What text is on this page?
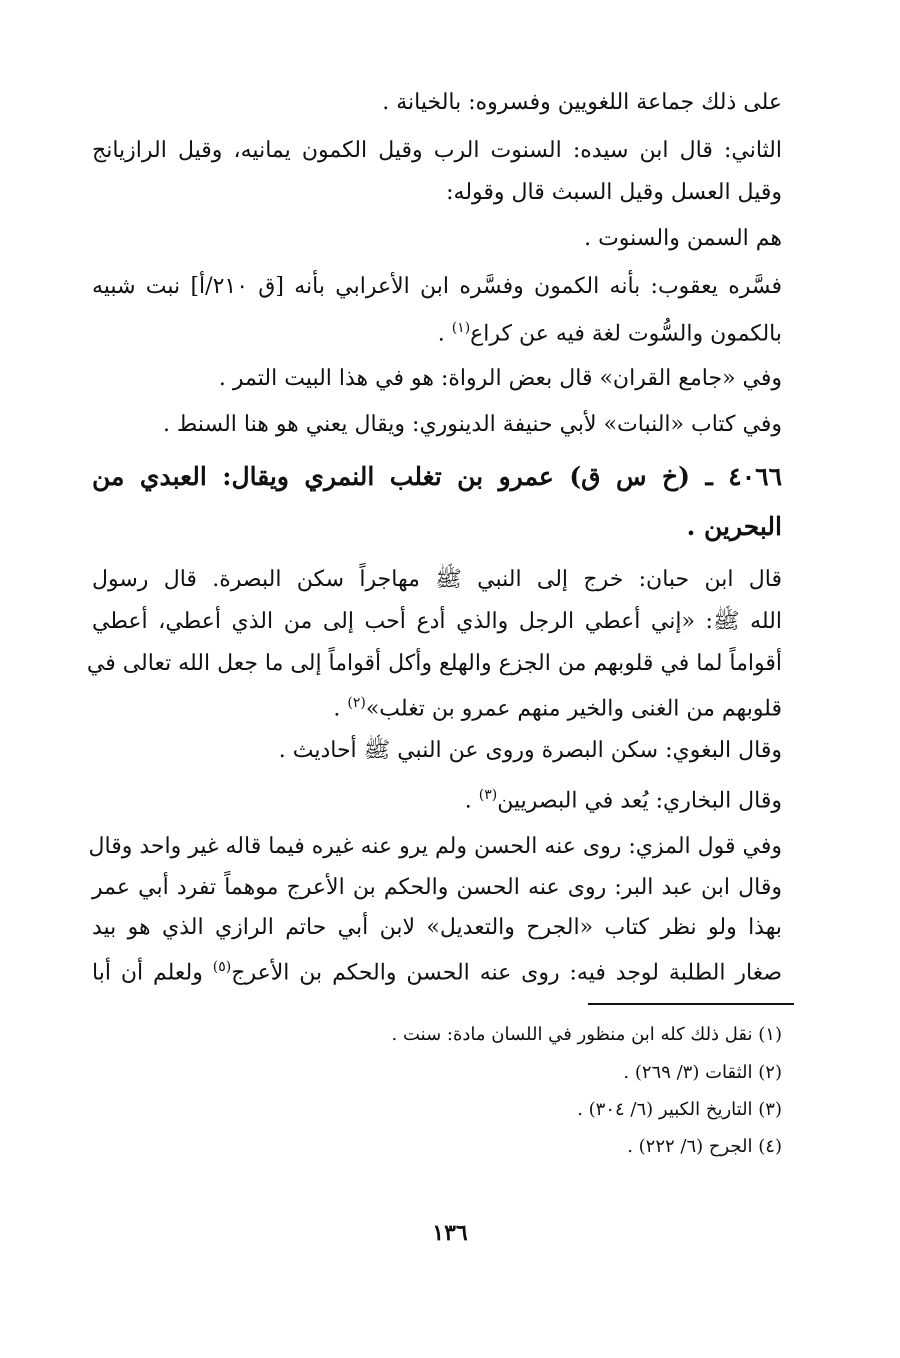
على ذلك جماعة اللغويين وفسروه: بالخيانة .
الثاني: قال ابن سيده: السنوت الرب وقيل الكمون يمانيه، وقيل الرازيانج
وقيل العسل وقيل السبث قال وقوله:
هم السمن والسنوت .
فسَّره يعقوب: بأنه الكمون وفسَّره ابن الأعرابي بأنه [ق ٢١٠/أ] نبت شبيه
بالكمون والسُّوت لغة فيه عن كراع$^{(١)}$ .
وفي «جامع القران» قال بعض الرواة: هو في هذا البيت التمر .
وفي كتاب «النبات» لأبي حنيفة الدينوري: ويقال يعني هو هنا السنط .
٤٠٦٦ ـ (خ س ق) عمرو بن تغلب النمري ويقال: العبدي من
البحرين .
قال ابن حبان: خرج إلى النبي ﷺ مهاجراً سكن البصرة. قال رسول
الله ﷺ: «إني أعطي الرجل والذي أدع أحب إلى من الذي أعطي، أعطي
أقواماً لما في قلوبهم من الجزع والهلع وأكل أقواماً إلى ما جعل الله تعالى في
قلوبهم من الغنى والخير منهم عمرو بن تغلب»$^{(٢)}$ .
وقال البغوي: سكن البصرة وروى عن النبي ﷺ أحاديث .
وقال البخاري: يُعد في البصريين$^{(٣)}$ .
وفي قول المزي: روى عنه الحسن ولم يرو عنه غيره فيما قاله غير واحد وقال
وقال ابن عبد البر: روى عنه الحسن والحكم بن الأعرج موهماً تفرد أبي عمر
بهذا ولو نظر كتاب «الجرح والتعديل» لابن أبي حاتم الرازي الذي هو بيد
صغار الطلبة لوجد فيه: روى عنه الحسن والحكم بن الأعرج$^{(٥)}$ ولعلم أن أبا
(١) نقل ذلك كله ابن منظور في اللسان مادة: سنت .
(٢) الثقات (٣/ ٢٦٩) .
(٣) التاريخ الكبير (٦/ ٣٠٤) .
(٤) الجرح (٦/ ٢٢٢) .
١٣٦
